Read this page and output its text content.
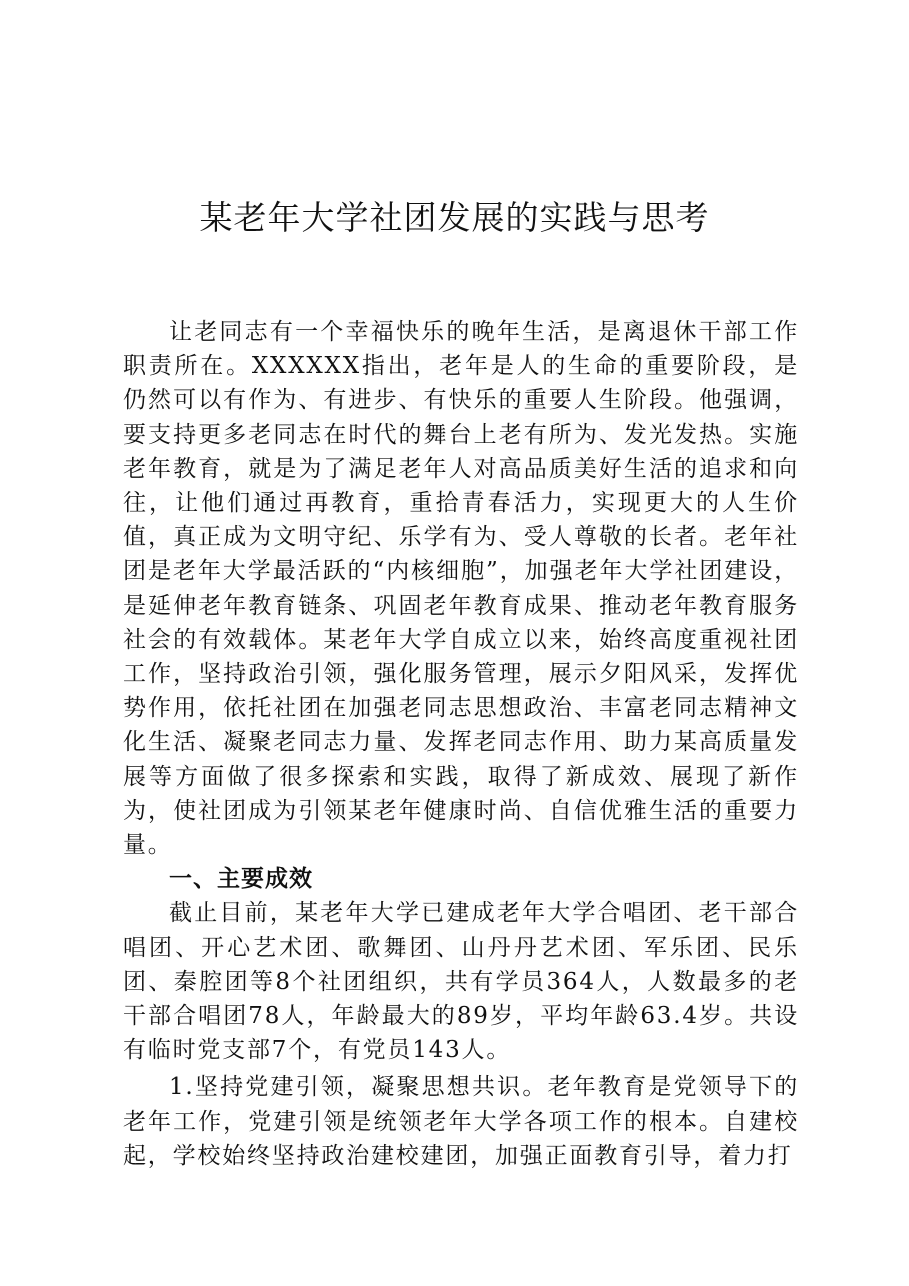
某老年大学社团发展的实践与思考

让老同志有一个幸福快乐的晚年生活，是离退休干部工作职责所在。XXXXXX指出，老年是人的生命的重要阶段，是仍然可以有作为、有进步、有快乐的重要人生阶段。他强调，要支持更多老同志在时代的舞台上老有所为、发光发热。实施老年教育，就是为了满足老年人对高品质美好生活的追求和向往，让他们通过再教育，重拾青春活力，实现更大的人生价值，真正成为文明守纪、乐学有为、受人尊敬的长者。老年社团是老年大学最活跃的“内核细胞”，加强老年大学社团建设，是延伸老年教育链条、巩固老年教育成果、推动老年教育服务社会的有效载体。某老年大学自成立以来，始终高度重视社团工作，坚持政治引领，强化服务管理，展示夕阳风采，发挥优势作用，依托社团在加强老同志思想政治、丰富老同志精神文化生活、凝聚老同志力量、发挥老同志作用、助力某高质量发展等方面做了很多探索和实践，取得了新成效、展现了新作为，使社团成为引领某老年健康时尚、自信优雅生活的重要力量。

一、主要成效

截止目前，某老年大学已建成老年大学合唱团、老干部合唱团、开心艺术团、歌舞团、山丹丹艺术团、军乐团、民乐团、秦腔团等8个社团组织，共有学员364人，人数最多的老干部合唱团78人，年龄最大的89岁，平均年龄63.4岁。共设有临时党支部7个，有党员143人。

1.坚持党建引领，凝聚思想共识。老年教育是党领导下的老年工作，党建引领是统领老年大学各项工作的根本。自建校起，学校始终坚持政治建校建团，加强正面教育引导，着力打
